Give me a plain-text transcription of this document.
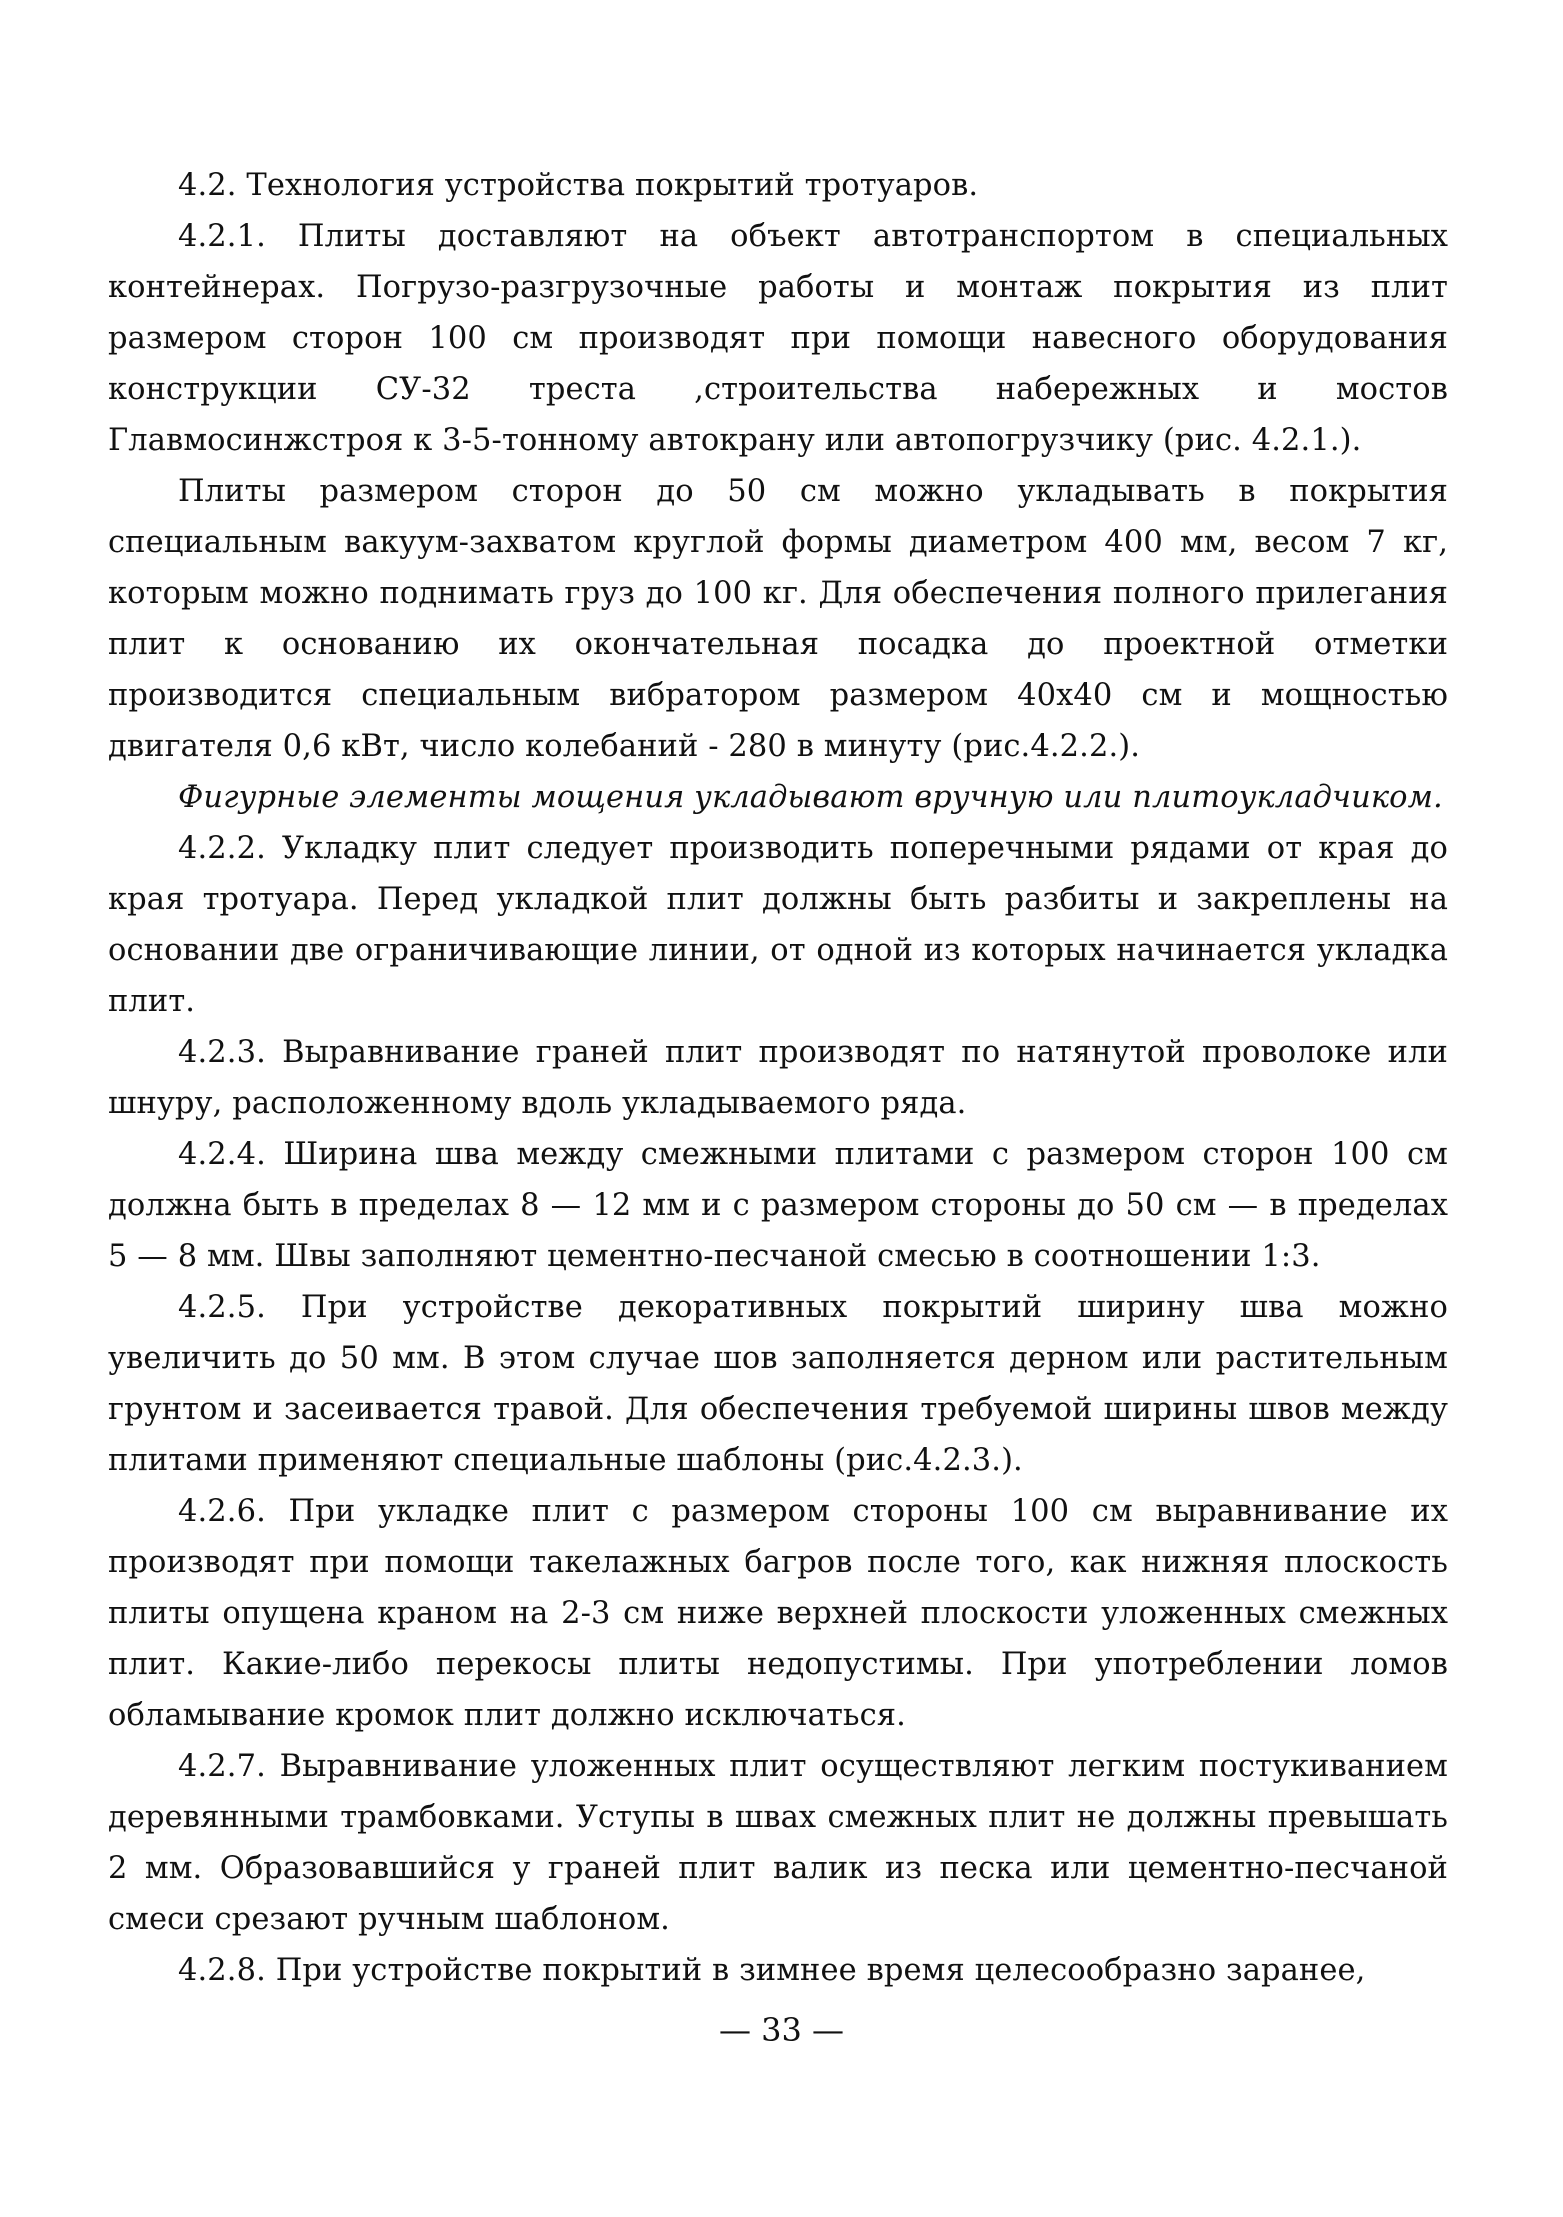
4.2. Технология устройства покрытий тротуаров.

4.2.1. Плиты доставляют на объект автотранспортом в специальных контейнерах. Погрузо-разгрузочные работы и монтаж покрытия из плит размером сторон 100 см производят при помощи навесного оборудования конструкции СУ-32 треста ,строительства набережных и мостов Главмосинжстроя к 3-5-тонному автокрану или автопогрузчику (рис. 4.2.1.).

Плиты размером сторон до 50 см можно укладывать в покрытия специальным вакуум-захватом круглой формы диаметром 400 мм, весом 7 кг, которым можно поднимать груз до 100 кг. Для обеспечения полного прилегания плит к основанию их окончательная посадка до проектной отметки производится специальным вибратором размером 40х40 см и мощностью двигателя 0,6 кВт, число колебаний - 280 в минуту (рис.4.2.2.).

Фигурные элементы мощения укладывают вручную или плитоукладчиком.

4.2.2. Укладку плит следует производить поперечными рядами от края до края тротуара. Перед укладкой плит должны быть разбиты и закреплены на основании две ограничивающие линии, от одной из которых начинается укладка плит.

4.2.3. Выравнивание граней плит производят по натянутой проволоке или шнуру, расположенному вдоль укладываемого ряда.

4.2.4. Ширина шва между смежными плитами с размером сторон 100 см должна быть в пределах 8 — 12 мм и с размером стороны до 50 см — в пределах 5 — 8 мм. Швы заполняют цементно-песчаной смесью в соотношении 1:3.

4.2.5. При устройстве декоративных покрытий ширину шва можно увеличить до 50 мм. В этом случае шов заполняется дерном или растительным грунтом и засеивается травой. Для обеспечения требуемой ширины швов между плитами применяют специальные шаблоны (рис.4.2.3.).

4.2.6. При укладке плит с размером стороны 100 см выравнивание их производят при помощи такелажных багров после того, как нижняя плоскость плиты опущена краном на 2-3 см ниже верхней плоскости уложенных смежных плит. Какие-либо перекосы плиты недопустимы. При употреблении ломов обламывание кромок плит должно исключаться.

4.2.7. Выравнивание уложенных плит осуществляют легким постукиванием деревянными трамбовками. Уступы в швах смежных плит не должны превышать 2 мм. Образовавшийся у граней плит валик из песка или цементно-песчаной смеси срезают ручным шаблоном.

4.2.8. При устройстве покрытий в зимнее время целесообразно заранее,

— 33 —
